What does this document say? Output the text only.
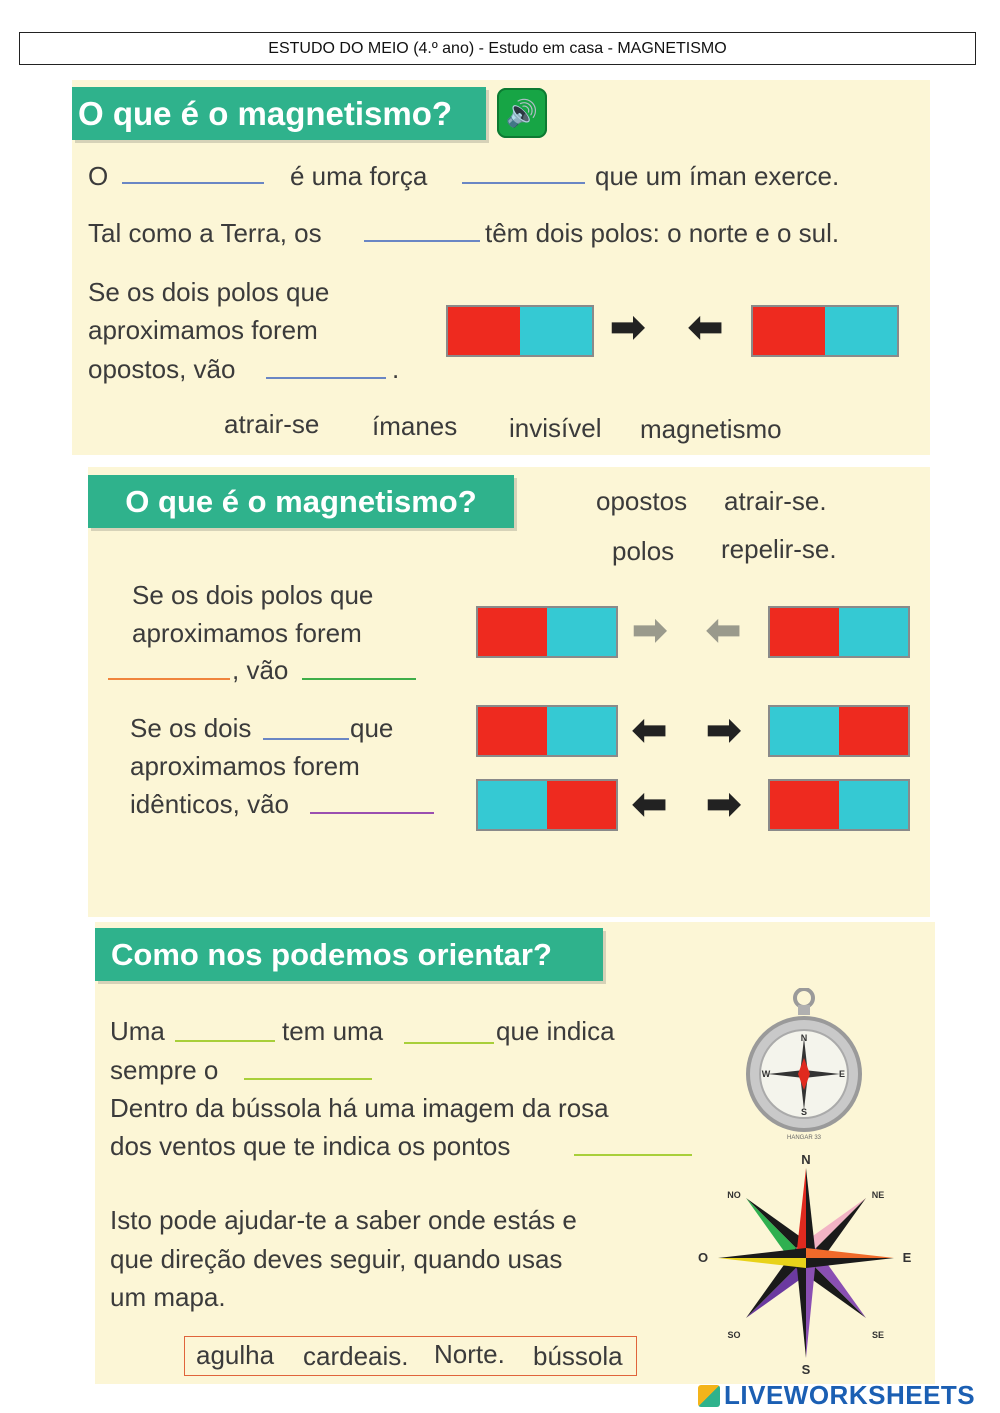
ESTUDO DO MEIO (4.º ano) - Estudo em casa - MAGNETISMO
O que é o magnetismo? 🔊
O	é uma força	que um íman exerce.
Tal como a Terra, os	têm dois polos: o norte e o sul.
Se os dois polos que
aproximamos forem
opostos, vão	.
➡ ⬅
atrair-se ímanes invisível magnetismo
O que é o magnetismo?	opostos atrair-se.
polos repelir-se.
Se os dois polos que
aproximamos forem
, vão
Se os dois	que
aproximamos forem
idênticos, vão
➡ ⬅
⬅ ➡
⬅ ➡
Como nos podemos orientar?
Uma	tem uma	que indica
sempre o
Dentro da bússola há uma imagem da rosa
dos ventos que te indica os pontos
Isto pode ajudar-te a saber onde estás e
que direção deves seguir, quando usas
um mapa.
agulha cardeais. Norte. bússola
N
S
E
W
HANGAR 33
N
S
E
O
NO	NE
SO	SE
LIVEWORKSHEETS
